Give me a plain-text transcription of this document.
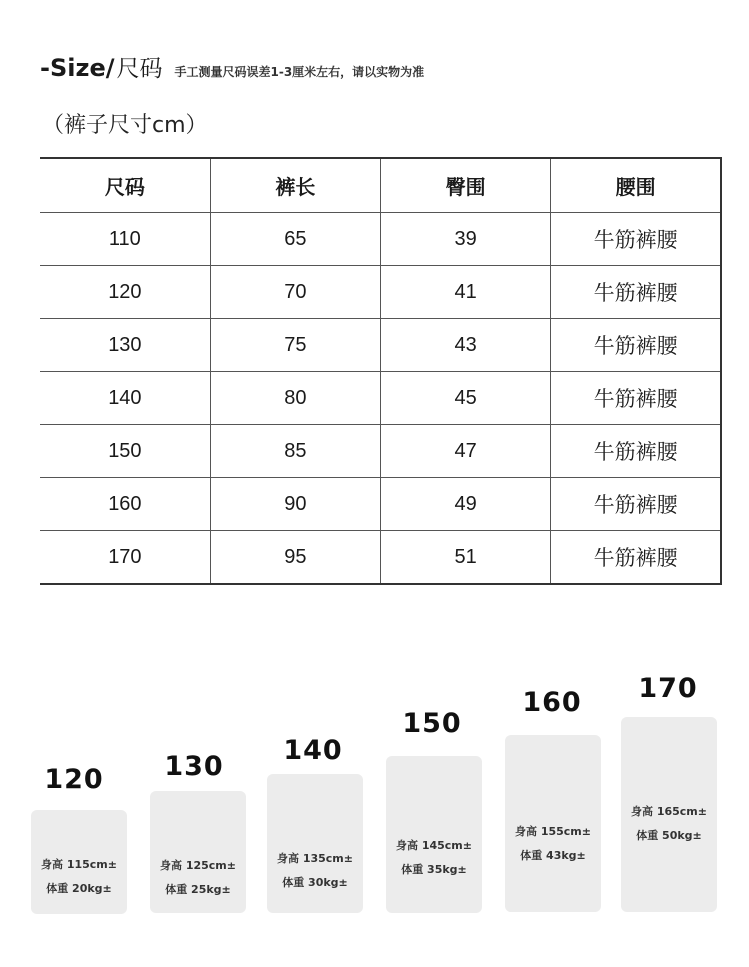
-Size/ 尺码 手工测量尺码误差1-3厘米左右，请以实物为准
（裤子尺寸cm）
尺码	裤长	臀围	腰围
110	65	39	牛筋裤腰
120	70	41	牛筋裤腰
130	75	43	牛筋裤腰
140	80	45	牛筋裤腰
150	85	47	牛筋裤腰
160	90	49	牛筋裤腰
170	95	51	牛筋裤腰
120
身高 115cm±
体重 20kg±
130
身高 125cm±
体重 25kg±
140
身高 135cm±
体重 30kg±
150
身高 145cm±
体重 35kg±
160
身高 155cm±
体重 43kg±
170
身高 165cm±
体重 50kg±
